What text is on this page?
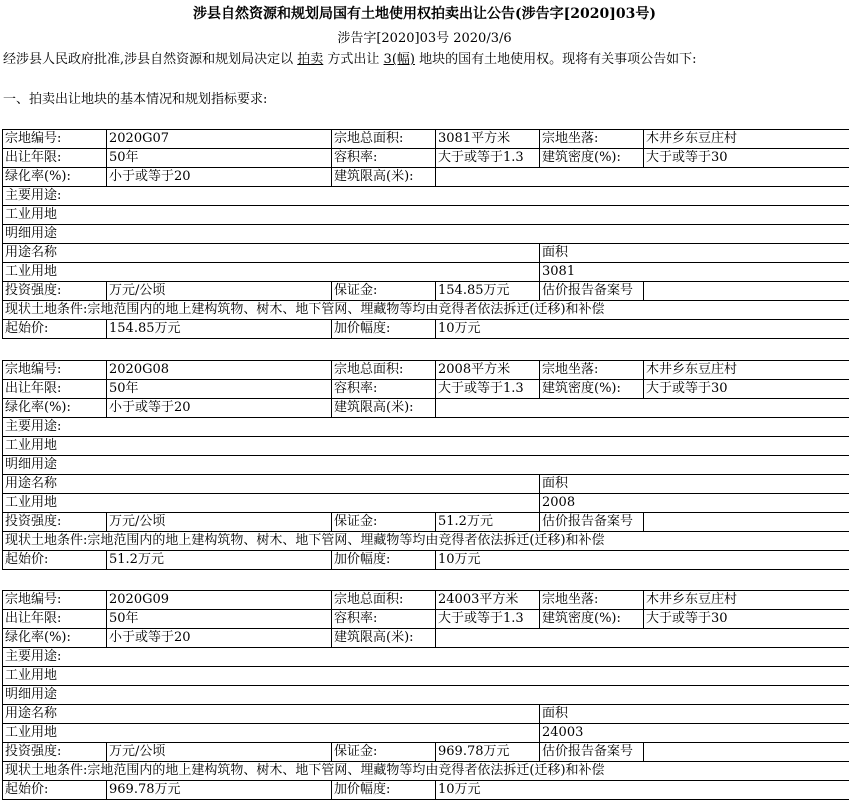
涉县自然资源和规划局国有土地使用权拍卖出让公告(涉告字[2020]03号)
涉告字[2020]03号 2020/3/6
经涉县人民政府批准,涉县自然资源和规划局决定以 拍卖 方式出让 3(幅) 地块的国有土地使用权。现将有关事项公告如下:
一、拍卖出让地块的基本情况和规划指标要求:
宗地编号:	2020G07	宗地总面积:	3081平方米	宗地坐落:	木井乡东豆庄村
出让年限:	50年	容积率:	大于或等于1.3	建筑密度(%):	大于或等于30
绿化率(%):	小于或等于20	建筑限高(米):			
主要用途:					
工业用地					
明细用途					
用途名称				面积	
工业用地				3081	
投资强度:	万元/公顷	保证金:	154.85万元	估价报告备案号	
现状土地条件:宗地范围内的地上建构筑物、树木、地下管网、埋藏物等均由竞得者依法拆迁(迁移)和补偿					
起始价:	154.85万元	加价幅度:	10万元		
宗地编号:	2020G08	宗地总面积:	2008平方米	宗地坐落:	木井乡东豆庄村
出让年限:	50年	容积率:	大于或等于1.3	建筑密度(%):	大于或等于30
绿化率(%):	小于或等于20	建筑限高(米):			
主要用途:					
工业用地					
明细用途					
用途名称				面积	
工业用地				2008	
投资强度:	万元/公顷	保证金:	51.2万元	估价报告备案号	
现状土地条件:宗地范围内的地上建构筑物、树木、地下管网、埋藏物等均由竞得者依法拆迁(迁移)和补偿					
起始价:	51.2万元	加价幅度:	10万元		
宗地编号:	2020G09	宗地总面积:	24003平方米	宗地坐落:	木井乡东豆庄村
出让年限:	50年	容积率:	大于或等于1.3	建筑密度(%):	大于或等于30
绿化率(%):	小于或等于20	建筑限高(米):			
主要用途:					
工业用地					
明细用途					
用途名称				面积	
工业用地				24003	
投资强度:	万元/公顷	保证金:	969.78万元	估价报告备案号	
现状土地条件:宗地范围内的地上建构筑物、树木、地下管网、埋藏物等均由竞得者依法拆迁(迁移)和补偿					
起始价:	969.78万元	加价幅度:	10万元		
